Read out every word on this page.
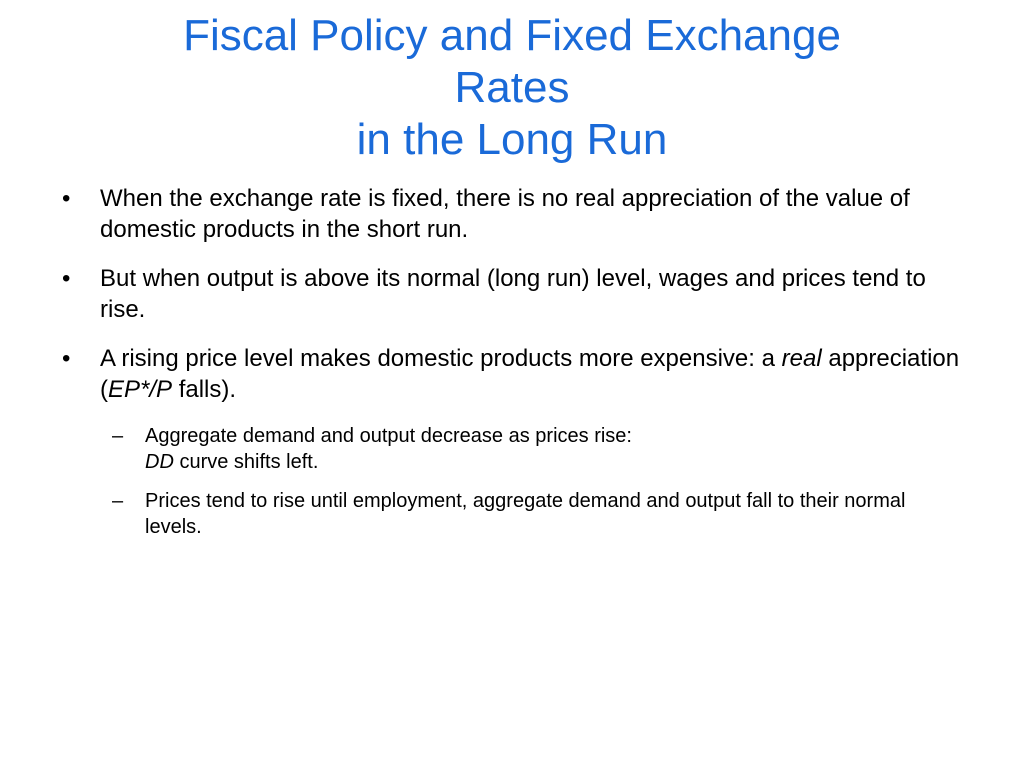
Fiscal Policy and Fixed Exchange
Rates
in the Long Run
•	When the exchange rate is fixed, there is no real appreciation of the value of domestic products in the short run.
•	But when output is above its normal (long run) level, wages and prices tend to rise.
•	A rising price level makes domestic products more expensive: a real appreciation (EP*/P falls).
– Aggregate demand and output decrease as prices rise:
DD curve shifts left.
– Prices tend to rise until employment, aggregate demand and output fall to their normal levels.
